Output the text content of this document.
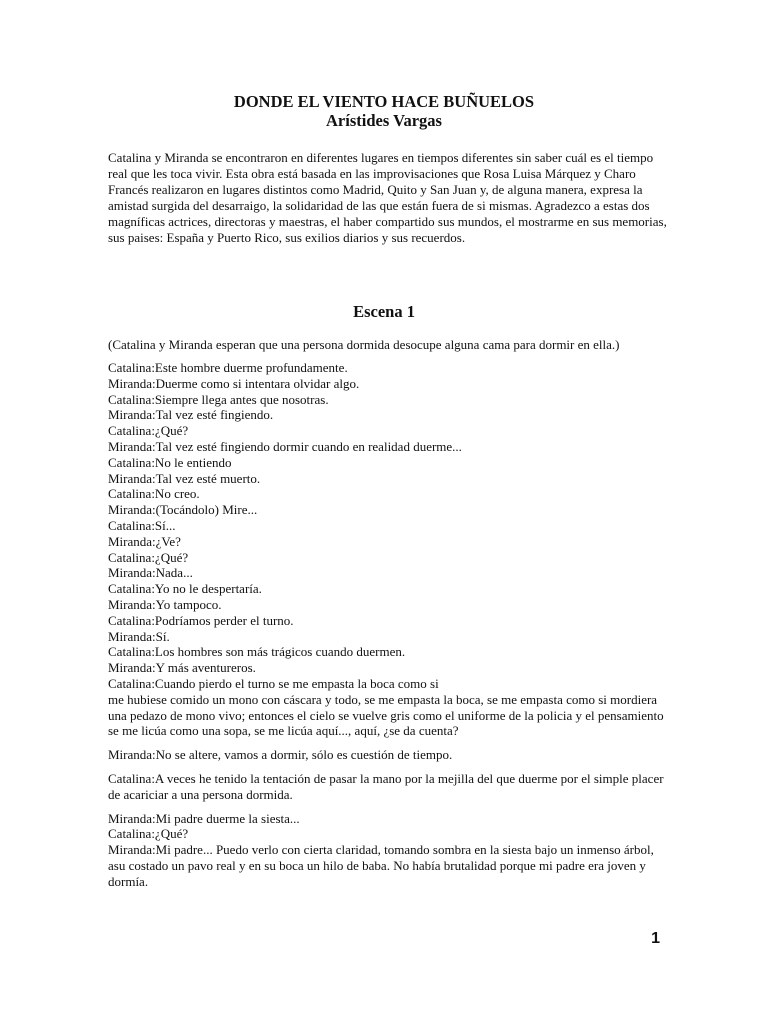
DONDE EL VIENTO HACE BUÑUELOS
Arístides Vargas
Catalina y Miranda se encontraron en diferentes lugares en tiempos diferentes sin saber cuál es el tiempo real que les toca vivir. Esta obra está basada en las improvisaciones que Rosa Luisa Márquez y Charo Francés realizaron en lugares distintos como Madrid, Quito y San Juan y, de alguna manera, expresa la amistad surgida del desarraigo, la solidaridad de las que están fuera de si mismas. Agradezco a estas dos magníficas actrices, directoras y maestras, el haber compartido sus mundos, el mostrarme en sus memorias, sus paises: España y Puerto Rico, sus exilios diarios y sus recuerdos.
Escena 1
(Catalina y Miranda esperan que una persona dormida desocupe alguna cama para dormir en ella.)

Catalina:Este hombre duerme profundamente.

Miranda:Duerme como si intentara olvidar algo.

Catalina:Siempre llega antes que nosotras.

Miranda:Tal vez esté fingiendo.

Catalina:¿Qué?

Miranda:Tal vez esté fingiendo dormir cuando en realidad duerme...

Catalina:No le entiendo

Miranda:Tal vez esté muerto.

Catalina:No creo.

Miranda:(Tocándolo) Mire...

Catalina:Sí...

Miranda:¿Ve?

Catalina:¿Qué?

Miranda:Nada...

Catalina:Yo no le despertaría.

Miranda:Yo tampoco.

Catalina:Podríamos perder el turno.

Miranda:Sí.

Catalina:Los hombres son más trágicos cuando duermen.

Miranda:Y más aventureros.

Catalina:Cuando pierdo el turno se me empasta la boca como si

me hubiese comido un mono con cáscara y todo, se me empasta la boca, se me empasta como si mordiera una pedazo de mono vivo; entonces el cielo se vuelve gris como el uniforme de la policia y el pensamiento se me licúa como una sopa, se me licúa aquí..., aquí, ¿se da cuenta?

Miranda:No se altere, vamos a dormir, sólo es cuestión de tiempo.

Catalina:A veces he tenido la tentación de pasar la mano por la mejilla del que duerme por el simple placer de acariciar a una persona dormida.

Miranda:Mi padre duerme la siesta...

Catalina:¿Qué?

Miranda:Mi padre... Puedo verlo con cierta claridad, tomando sombra en la siesta bajo un inmenso árbol, asu costado un pavo real y en su boca un hilo de baba. No había brutalidad porque mi padre era joven y dormía.

1
